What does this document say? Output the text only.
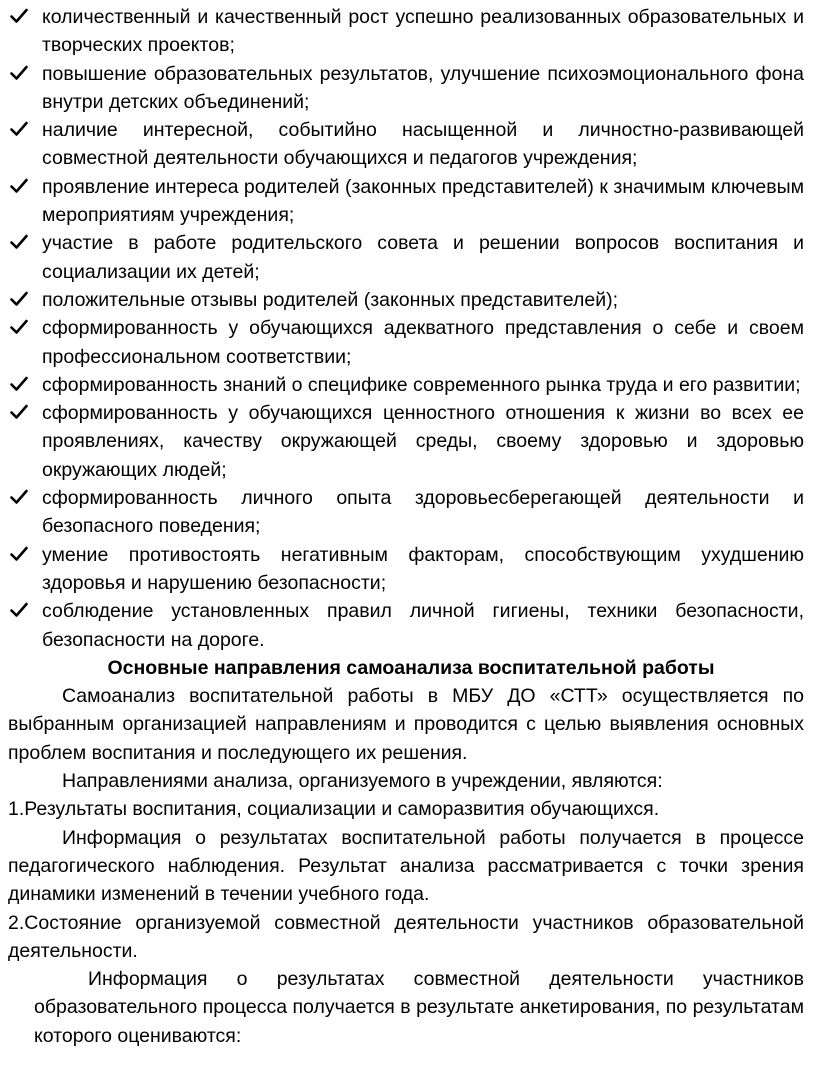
количественный и качественный рост успешно реализованных образовательных и творческих проектов;
повышение образовательных результатов, улучшение психоэмоционального фона внутри детских объединений;
наличие интересной, событийно насыщенной и личностно-развивающей совместной деятельности обучающихся и педагогов учреждения;
проявление интереса родителей (законных представителей) к значимым ключевым мероприятиям учреждения;
участие в работе родительского совета и решении вопросов воспитания и социализации их детей;
положительные отзывы родителей (законных представителей);
сформированность у обучающихся адекватного представления о себе и своем профессиональном соответствии;
сформированность знаний о специфике современного рынка труда и его развитии;
сформированность у обучающихся ценностного отношения к жизни во всех ее проявлениях, качеству окружающей среды, своему здоровью и здоровью окружающих людей;
сформированность личного опыта здоровьесберегающей деятельности и безопасного поведения;
умение противостоять негативным факторам, способствующим ухудшению здоровья и нарушению безопасности;
соблюдение установленных правил личной гигиены, техники безопасности, безопасности на дороге.

Основные направления самоанализа воспитательной работы

Самоанализ воспитательной работы в МБУ ДО «СТТ» осуществляется по выбранным организацией направлениям и проводится с целью выявления основных проблем воспитания и последующего их решения.

Направлениями анализа, организуемого в учреждении, являются:

1.Результаты воспитания, социализации и саморазвития обучающихся.

Информация о результатах воспитательной работы получается в процессе педагогического наблюдения. Результат анализа рассматривается с точки зрения динамики изменений в течении учебного года.

2.Состояние организуемой совместной деятельности участников образовательной деятельности.

Информация о результатах совместной деятельности участников образовательного процесса получается в результате анкетирования, по результатам которого оцениваются:
